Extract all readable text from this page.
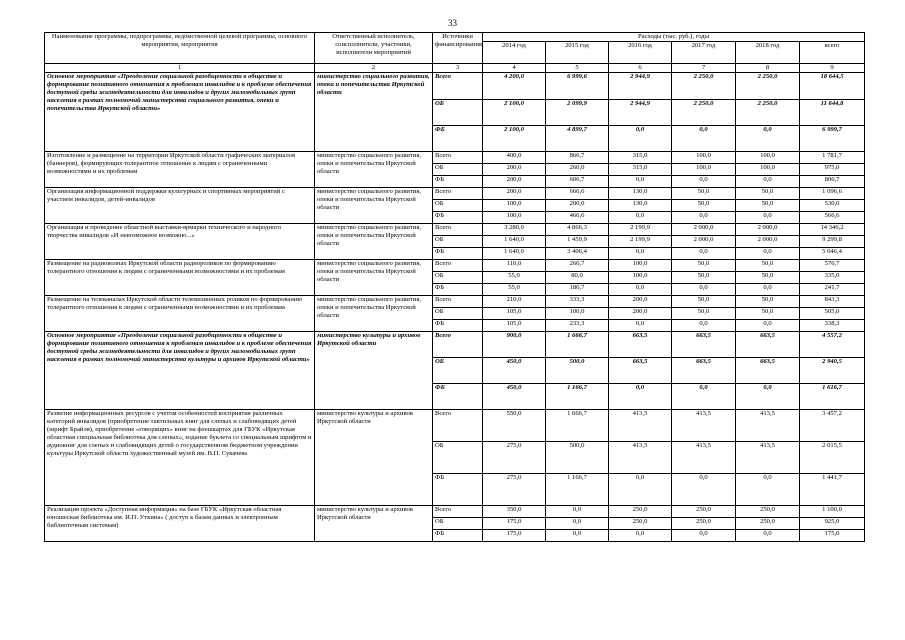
33
Наименование программы, подпрограммы, ведомственной целевой программы, основного мероприятия, мероприятия	Ответственный исполнитель, соисполнители, участники, исполнители мероприятий	Источники финансирования	Расходы (тыс. руб.), годы					
			2014 год	2015 год	2016 год	2017 год	2018 год	всего
1	2	3	4	5	6	7	8	9
Основное мероприятие «Преодоление социальной разобщенности в обществе и формирование позитивного отношения к проблемам инвалидов и к проблеме обеспечения доступной среды жизнедеятельности для инвалидов и других маломобильных групп населения в рамках полномочий министерства социального развития, опеки и попечительства Иркутской области»	министерство социального развития, опеки и попечительства Иркутской области	Всего	4 200,0	6 999,6	2 944,9	2 250,0	2 250,0	18 644,5
		ОБ	2 100,0	2 099,9	2 944,9	2 250,0	2 250,0	11 644,8
		ФБ	2 100,0	4 899,7	0,0	0,0	0,0	6 999,7
Изготовление и размещение на территории Иркутской области графических материалов (баннеров), формирующих толерантное отношение к людям с ограниченными возможностями и их проблемам	министерство социального развития, опеки и попечительства Иркутской области	Всего	400,0	866,7	315,0	100,0	100,0	1 781,7
		ОБ	200,0	260,0	315,0	100,0	100,0	975,0
		ФБ	200,0	606,7	0,0	0,0	0,0	806,7
Организация информационной поддержки культурных и спортивных мероприятий с участием инвалидов, детей-инвалидов	министерство социального развития, опеки и попечительства Иркутской области	Всего	200,0	666,6	130,0	50,0	50,0	1 096,6
		ОБ	100,0	200,0	130,0	50,0	50,0	530,0
		ФБ	100,0	466,6	0,0	0,0	0,0	566,6
Организация и проведение областной выставки-ярмарки технического и народного творчества инвалидов «И невозможное возможно...»	министерство социального развития, опеки и попечительства Иркутской области	Всего	3 280,0	4 866,3	2 199,9	2 000,0	2 000,0	14 346,2
		ОБ	1 640,0	1 459,9	2 199,9	2 000,0	2 000,0	9 299,8
		ФБ	1 640,0	3 406,4	0,0	0,0	0,0	5 046,4
Размещение на радиоволнах Иркутской области радиороликов по формированию толерантного отношения к людям с ограниченными возможностями и их проблемам	министерство социального развития, опеки и попечительства Иркутской области	Всего	110,0	266,7	100,0	50,0	50,0	576,7
		ОБ	55,0	80,0	100,0	50,0	50,0	335,0
		ФБ	55,0	186,7	0,0	0,0	0,0	241,7
Размещение на телеканалах Иркутской области телевизионных роликов по формированию толерантного отношения к людям с ограниченными возможностями и их проблемам	министерство социального развития, опеки и попечительства Иркутской области	Всего	210,0	333,3	200,0	50,0	50,0	843,3
		ОБ	105,0	100,0	200,0	50,0	50,0	505,0
		ФБ	105,0	233,3	0,0	0,0	0,0	338,3
Основное мероприятие «Преодоление социальной разобщенности в обществе и формирование позитивного отношения к проблемам инвалидов и к проблеме обеспечения доступной среды жизнедеятельности для инвалидов и других маломобильных групп населения в рамках полномочий министерства культуры и архивов Иркутской области»	министерство культуры и архивов Иркутской области	Всего	900,0	1 666,7	663,5	663,5	663,5	4 557,2
		ОБ	450,0	500,0	663,5	663,5	663,5	2 940,5
		ФБ	450,0	1 166,7	0,0	0,0	0,0	1 616,7
Развитие информационных ресурсов с учетом особенностей восприятия различных категорий инвалидов (приобретение тактильных книг для слепых и слабовидящих детей (шрифт Брайля), приобретение «говорящих» книг на флешкартах для ГБУК «Иркутская областная специальная библиотека для слепых», издание буклета со специальным шрифтом и аудиокниг для слепых и слабовидящих детей о государственном бюджетном учреждении культуры Иркутской области художественный музей им. В.П. Сукачева	министерство культуры и архивов Иркутской области	Всего	550,0	1 666,7	413,5	413,5	413,5	3 457,2
		ОБ	275,0	500,0	413,5	413,5	413,5	2 015,5
		ФБ	275,0	1 166,7	0,0	0,0	0,0	1 441,7
Реализация проекта «Доступная информация» на базе ГБУК «Иркутская областная юношеская библиотека им. И.П. Уткина» ( доступ к базам данных и электронным библиотечным системам)	министерство культуры и архивов Иркутской области	Всего	350,0	0,0	250,0	250,0	250,0	1 100,0
		ОБ	175,0	0,0	250,0	250,0	250,0	925,0
		ФБ	175,0	0,0	0,0	0,0	0,0	175,0
